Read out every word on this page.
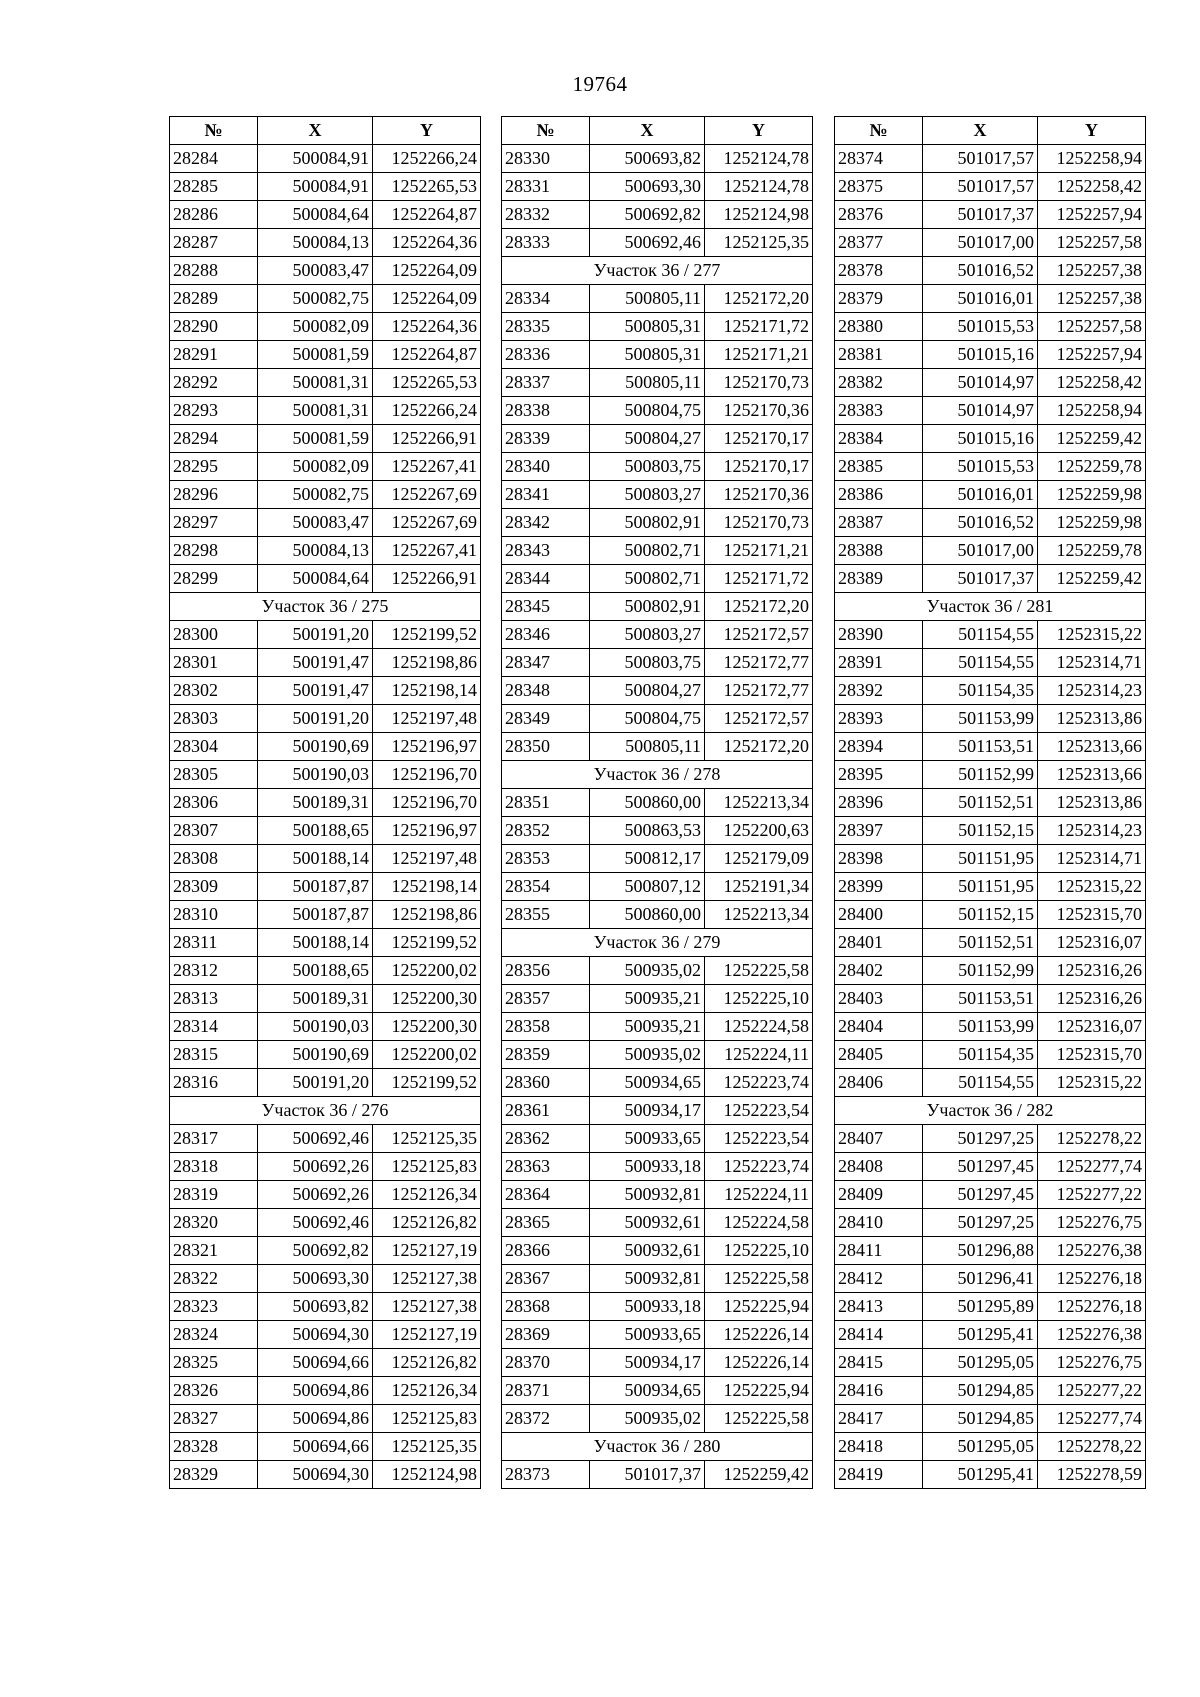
19764
№	X	Y
28284	500084,91	1252266,24
28285	500084,91	1252265,53
28286	500084,64	1252264,87
28287	500084,13	1252264,36
28288	500083,47	1252264,09
28289	500082,75	1252264,09
28290	500082,09	1252264,36
28291	500081,59	1252264,87
28292	500081,31	1252265,53
28293	500081,31	1252266,24
28294	500081,59	1252266,91
28295	500082,09	1252267,41
28296	500082,75	1252267,69
28297	500083,47	1252267,69
28298	500084,13	1252267,41
28299	500084,64	1252266,91
Участок 36 / 275		
28300	500191,20	1252199,52
28301	500191,47	1252198,86
28302	500191,47	1252198,14
28303	500191,20	1252197,48
28304	500190,69	1252196,97
28305	500190,03	1252196,70
28306	500189,31	1252196,70
28307	500188,65	1252196,97
28308	500188,14	1252197,48
28309	500187,87	1252198,14
28310	500187,87	1252198,86
28311	500188,14	1252199,52
28312	500188,65	1252200,02
28313	500189,31	1252200,30
28314	500190,03	1252200,30
28315	500190,69	1252200,02
28316	500191,20	1252199,52
Участок 36 / 276		
28317	500692,46	1252125,35
28318	500692,26	1252125,83
28319	500692,26	1252126,34
28320	500692,46	1252126,82
28321	500692,82	1252127,19
28322	500693,30	1252127,38
28323	500693,82	1252127,38
28324	500694,30	1252127,19
28325	500694,66	1252126,82
28326	500694,86	1252126,34
28327	500694,86	1252125,83
28328	500694,66	1252125,35
28329	500694,30	1252124,98
№	X	Y
28330	500693,82	1252124,78
28331	500693,30	1252124,78
28332	500692,82	1252124,98
28333	500692,46	1252125,35
Участок 36 / 277		
28334	500805,11	1252172,20
28335	500805,31	1252171,72
28336	500805,31	1252171,21
28337	500805,11	1252170,73
28338	500804,75	1252170,36
28339	500804,27	1252170,17
28340	500803,75	1252170,17
28341	500803,27	1252170,36
28342	500802,91	1252170,73
28343	500802,71	1252171,21
28344	500802,71	1252171,72
28345	500802,91	1252172,20
28346	500803,27	1252172,57
28347	500803,75	1252172,77
28348	500804,27	1252172,77
28349	500804,75	1252172,57
28350	500805,11	1252172,20
Участок 36 / 278		
28351	500860,00	1252213,34
28352	500863,53	1252200,63
28353	500812,17	1252179,09
28354	500807,12	1252191,34
28355	500860,00	1252213,34
Участок 36 / 279		
28356	500935,02	1252225,58
28357	500935,21	1252225,10
28358	500935,21	1252224,58
28359	500935,02	1252224,11
28360	500934,65	1252223,74
28361	500934,17	1252223,54
28362	500933,65	1252223,54
28363	500933,18	1252223,74
28364	500932,81	1252224,11
28365	500932,61	1252224,58
28366	500932,61	1252225,10
28367	500932,81	1252225,58
28368	500933,18	1252225,94
28369	500933,65	1252226,14
28370	500934,17	1252226,14
28371	500934,65	1252225,94
28372	500935,02	1252225,58
Участок 36 / 280		
28373	501017,37	1252259,42
№	X	Y
28374	501017,57	1252258,94
28375	501017,57	1252258,42
28376	501017,37	1252257,94
28377	501017,00	1252257,58
28378	501016,52	1252257,38
28379	501016,01	1252257,38
28380	501015,53	1252257,58
28381	501015,16	1252257,94
28382	501014,97	1252258,42
28383	501014,97	1252258,94
28384	501015,16	1252259,42
28385	501015,53	1252259,78
28386	501016,01	1252259,98
28387	501016,52	1252259,98
28388	501017,00	1252259,78
28389	501017,37	1252259,42
Участок 36 / 281		
28390	501154,55	1252315,22
28391	501154,55	1252314,71
28392	501154,35	1252314,23
28393	501153,99	1252313,86
28394	501153,51	1252313,66
28395	501152,99	1252313,66
28396	501152,51	1252313,86
28397	501152,15	1252314,23
28398	501151,95	1252314,71
28399	501151,95	1252315,22
28400	501152,15	1252315,70
28401	501152,51	1252316,07
28402	501152,99	1252316,26
28403	501153,51	1252316,26
28404	501153,99	1252316,07
28405	501154,35	1252315,70
28406	501154,55	1252315,22
Участок 36 / 282		
28407	501297,25	1252278,22
28408	501297,45	1252277,74
28409	501297,45	1252277,22
28410	501297,25	1252276,75
28411	501296,88	1252276,38
28412	501296,41	1252276,18
28413	501295,89	1252276,18
28414	501295,41	1252276,38
28415	501295,05	1252276,75
28416	501294,85	1252277,22
28417	501294,85	1252277,74
28418	501295,05	1252278,22
28419	501295,41	1252278,59
